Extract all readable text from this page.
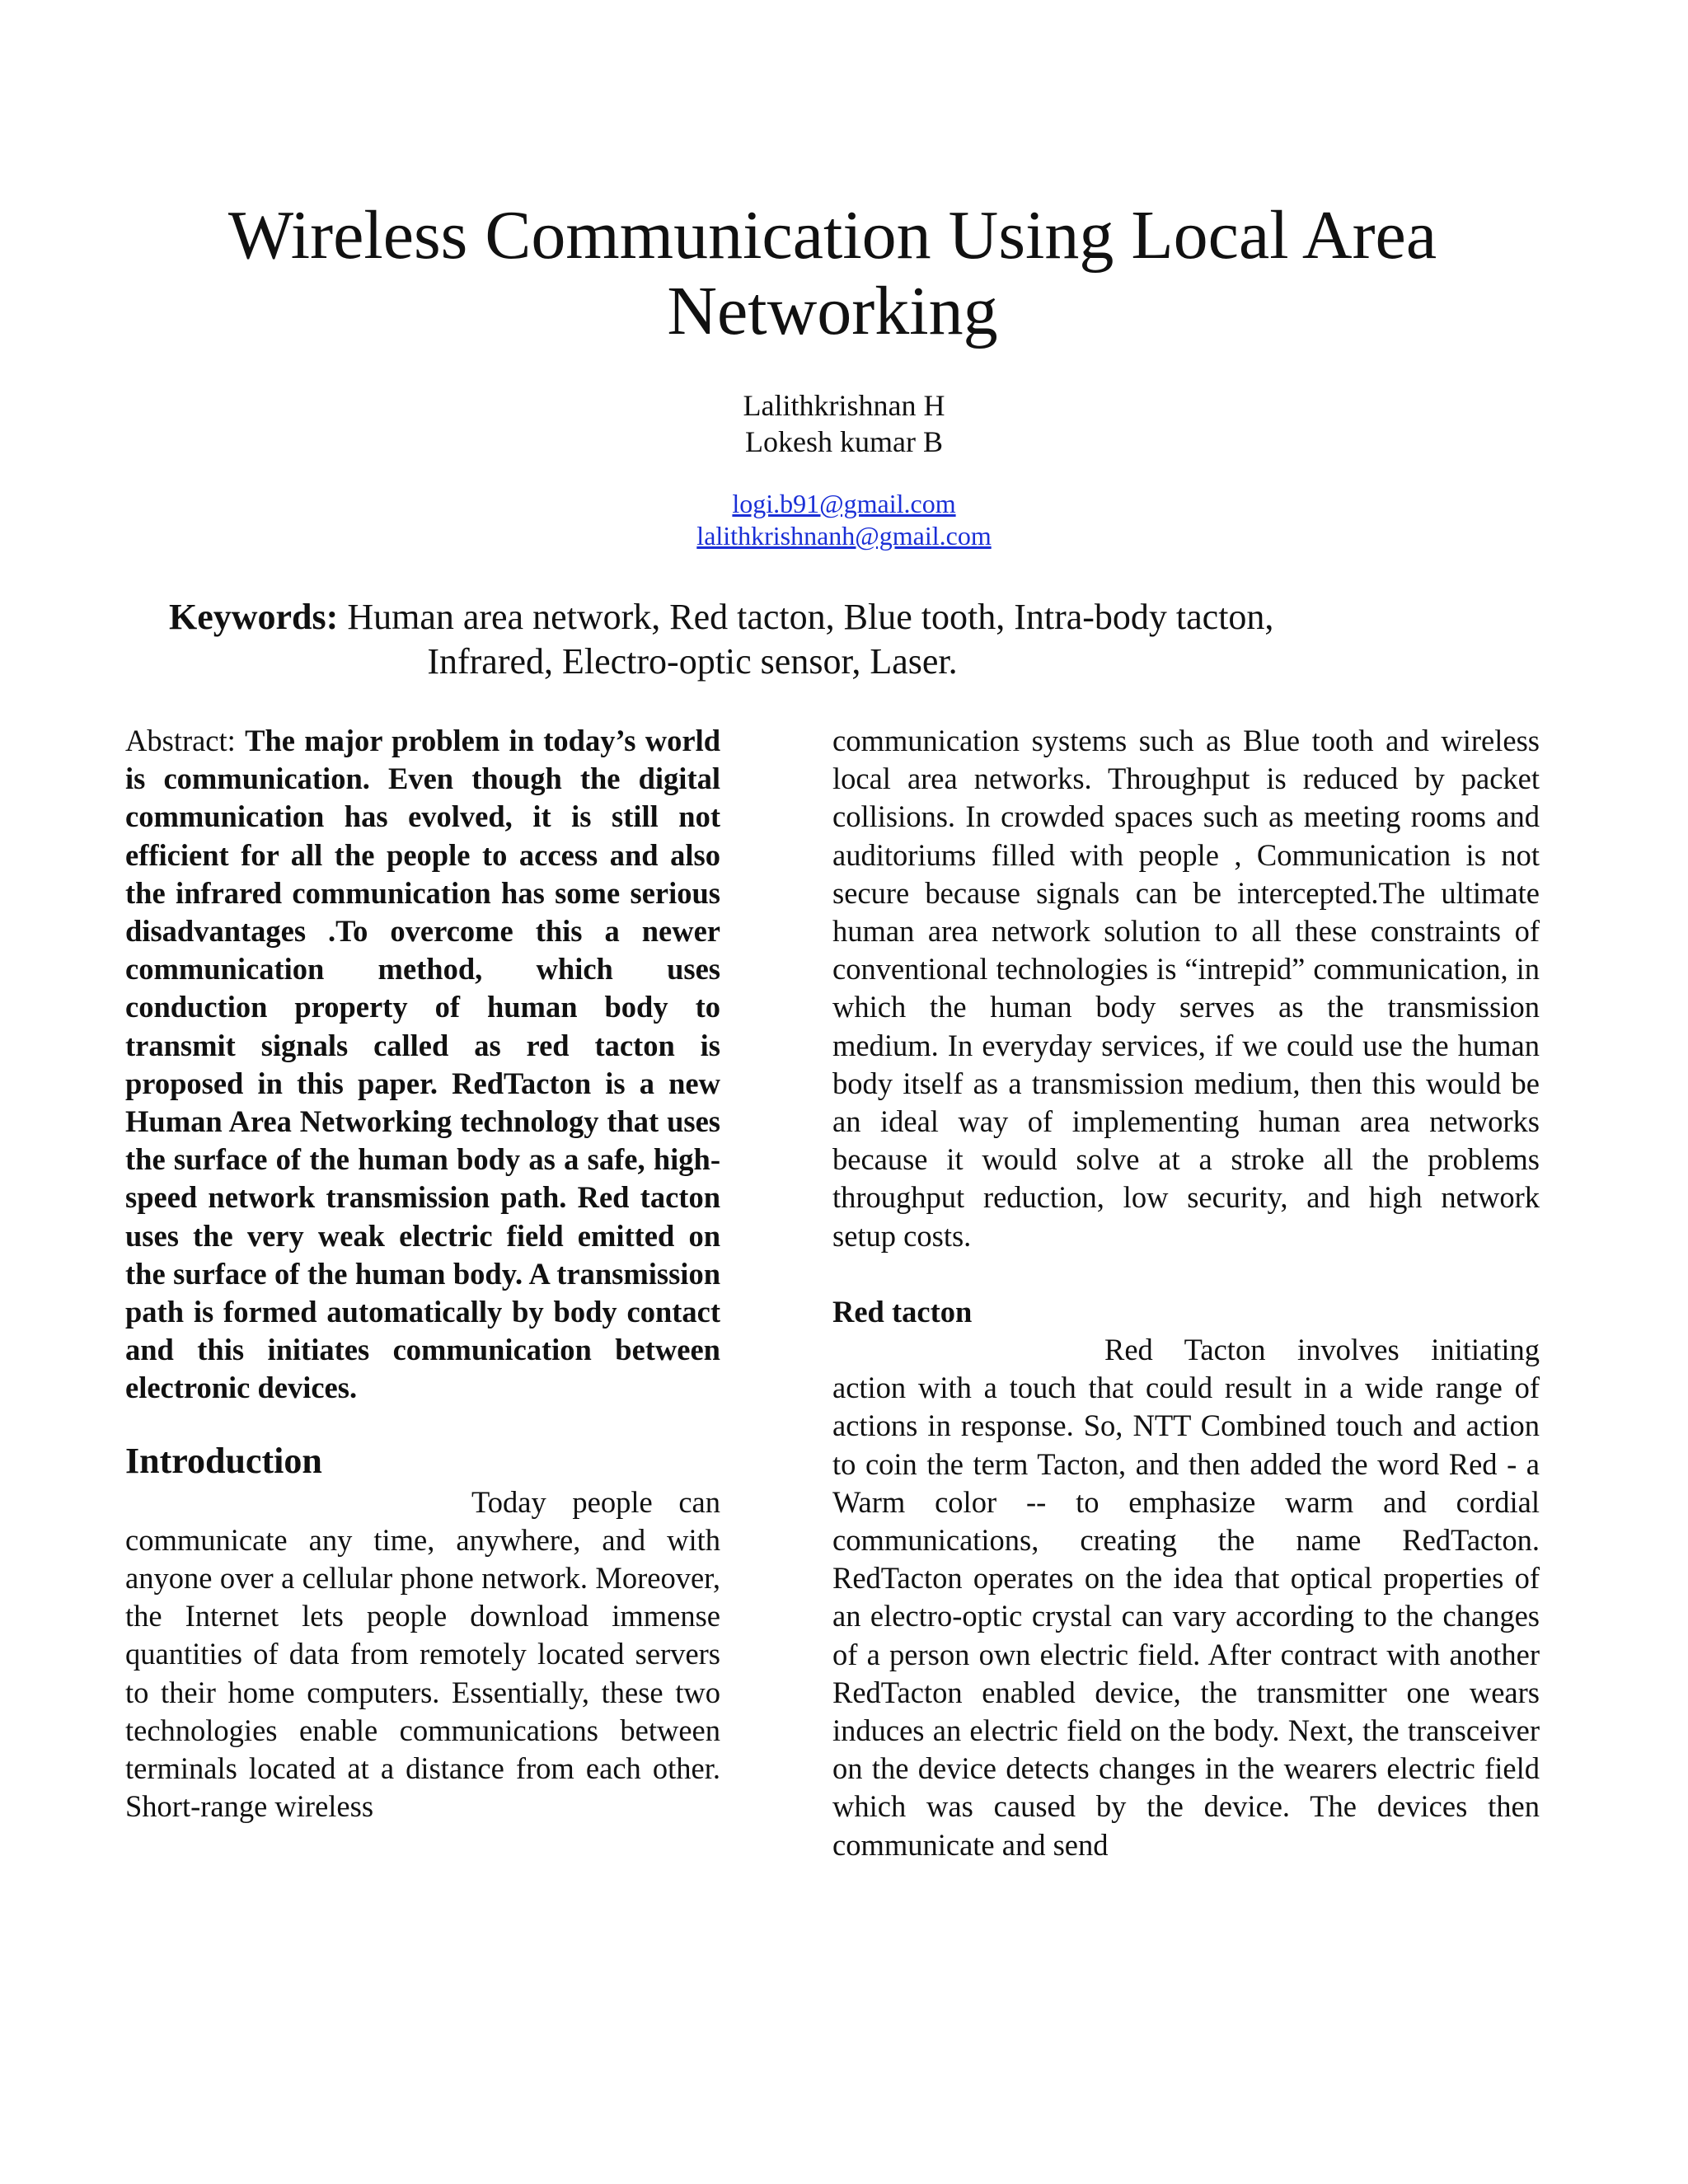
Wireless Communication Using Local Area Networking
Lalithkrishnan H
Lokesh kumar B
logi.b91@gmail.com
lalithkrishnanh@gmail.com
Keywords: Human area network, Red tacton, Blue tooth, Intra-body tacton,
Infrared, Electro-optic sensor, Laser.

Abstract: The major problem in today’s world is communication. Even though the digital communication has evolved, it is still not efficient for all the people to access and also the infrared communication has some serious disadvantages .To overcome this a newer communication method, which uses conduction property of human body to transmit signals called as red tacton is proposed in this paper. RedTacton is a new Human Area Networking technology that uses the surface of the human body as a safe, high-speed network transmission path. Red tacton uses the very weak electric field emitted on the surface of the human body. A transmission path is formed automatically by body contact and this initiates communication between electronic devices.

Introduction

Today people can communicate any time, anywhere, and with anyone over a cellular phone network. Moreover, the Internet lets people download immense quantities of data from remotely located servers to their home computers. Essentially, these two technologies enable communications between terminals located at a distance from each other. Short-range wireless

communication systems such as Blue tooth and wireless local area networks. Throughput is reduced by packet collisions. In crowded spaces such as meeting rooms and auditoriums filled with people , Communication is not secure because signals can be intercepted.The ultimate human area network solution to all these constraints of conventional technologies is “intrepid” communication, in which the human body serves as the transmission medium. In everyday services, if we could use the human body itself as a transmission medium, then this would be an ideal way of implementing human area networks because it would solve at a stroke all the problems throughput reduction, low security, and high network setup costs.

Red tacton

Red Tacton involves initiating action with a touch that could result in a wide range of actions in response. So, NTT Combined touch and action to coin the term Tacton, and then added the word Red - a Warm color -- to emphasize warm and cordial communications, creating the name RedTacton. RedTacton operates on the idea that optical properties of an electro-optic crystal can vary according to the changes of a person own electric field. After contract with another RedTacton enabled device, the transmitter one wears induces an electric field on the body. Next, the transceiver on the device detects changes in the wearers electric field which was caused by the device. The devices then communicate and send
